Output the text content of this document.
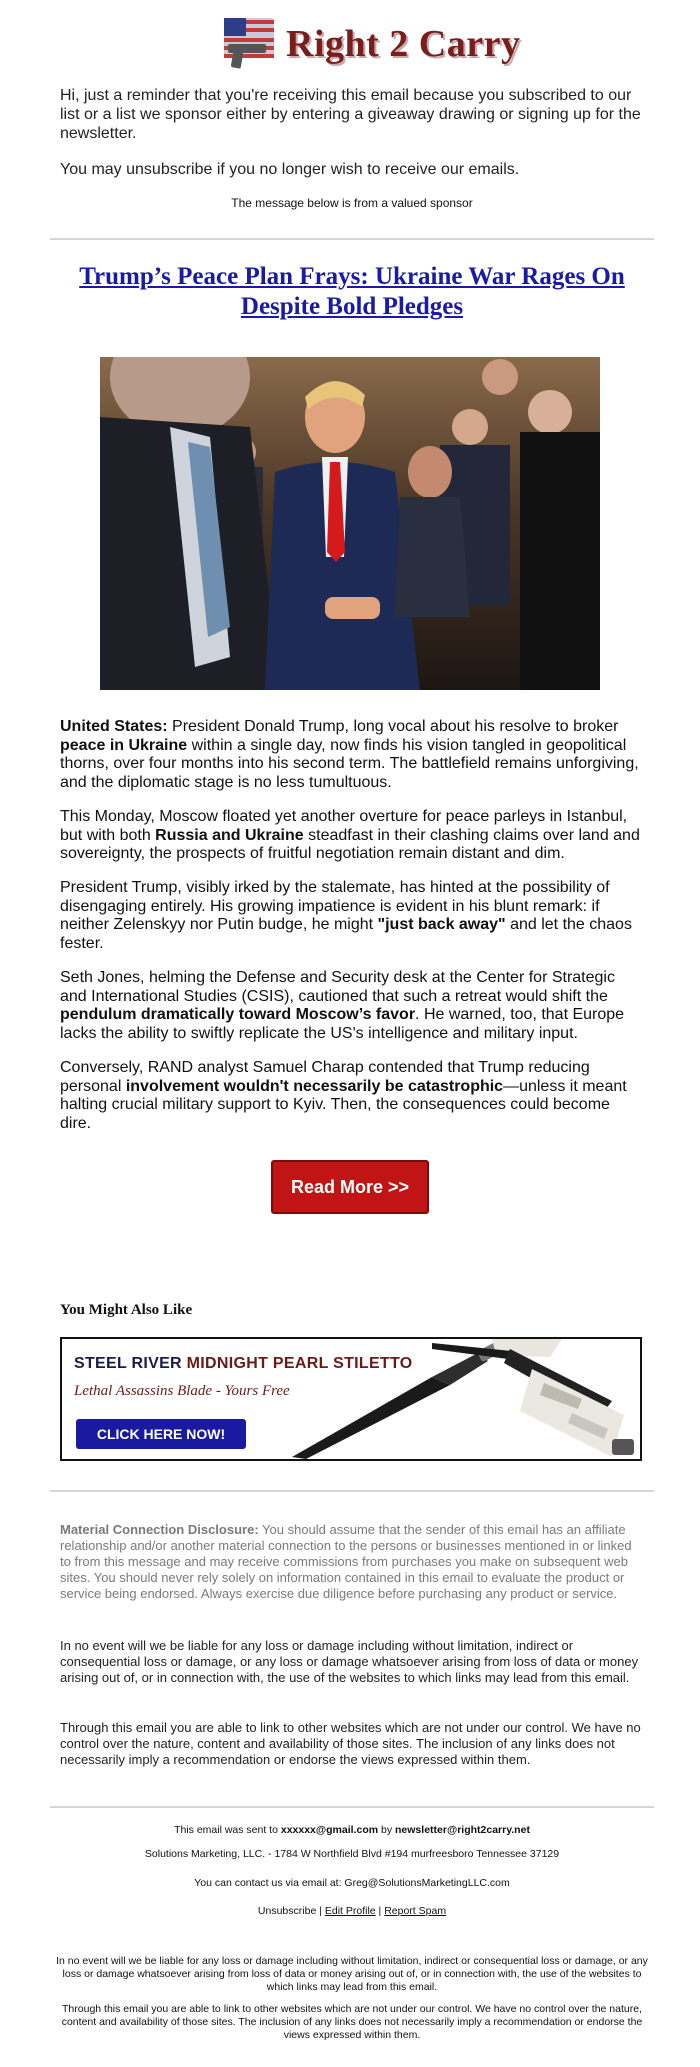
Right 2 Carry
Hi, just a reminder that you're receiving this email because you subscribed to our list or a list we sponsor either by entering a giveaway drawing or signing up for the newsletter.
You may unsubscribe if you no longer wish to receive our emails.
The message below is from a valued sponsor
Trump’s Peace Plan Frays: Ukraine War Rages On Despite Bold Pledges
United States: President Donald Trump, long vocal about his resolve to broker peace in Ukraine within a single day, now finds his vision tangled in geopolitical thorns, over four months into his second term. The battlefield remains unforgiving, and the diplomatic stage is no less tumultuous.
This Monday, Moscow floated yet another overture for peace parleys in Istanbul, but with both Russia and Ukraine steadfast in their clashing claims over land and sovereignty, the prospects of fruitful negotiation remain distant and dim.
President Trump, visibly irked by the stalemate, has hinted at the possibility of disengaging entirely. His growing impatience is evident in his blunt remark: if neither Zelenskyy nor Putin budge, he might "just back away" and let the chaos fester.
Seth Jones, helming the Defense and Security desk at the Center for Strategic and International Studies (CSIS), cautioned that such a retreat would shift the pendulum dramatically toward Moscow’s favor. He warned, too, that Europe lacks the ability to swiftly replicate the US's intelligence and military input.
Conversely, RAND analyst Samuel Charap contended that Trump reducing personal involvement wouldn't necessarily be catastrophic—unless it meant halting crucial military support to Kyiv. Then, the consequences could become dire.
Read More >>
You Might Also Like
STEEL RIVER MIDNIGHT PEARL STILETTO
Lethal Assassins Blade - Yours Free
CLICK HERE NOW!
Material Connection Disclosure: You should assume that the sender of this email has an affiliate relationship and/or another material connection to the persons or businesses mentioned in or linked to from this message and may receive commissions from purchases you make on subsequent web sites. You should never rely solely on information contained in this email to evaluate the product or service being endorsed. Always exercise due diligence before purchasing any product or service.
In no event will we be liable for any loss or damage including without limitation, indirect or consequential loss or damage, or any loss or damage whatsoever arising from loss of data or money arising out of, or in connection with, the use of the websites to which links may lead from this email.
Through this email you are able to link to other websites which are not under our control. We have no control over the nature, content and availability of those sites. The inclusion of any links does not necessarily imply a recommendation or endorse the views expressed within them.
This email was sent to xxxxxx@gmail.com by newsletter@right2carry.net
Solutions Marketing, LLC. - 1784 W Northfield Blvd #194 murfreesboro Tennessee 37129
You can contact us via email at: Greg@SolutionsMarketingLLC.com
Unsubscribe | Edit Profile | Report Spam
In no event will we be liable for any loss or damage including without limitation, indirect or consequential loss or damage, or any loss or damage whatsoever arising from loss of data or money arising out of, or in connection with, the use of the websites to which links may lead from this email.
Through this email you are able to link to other websites which are not under our control. We have no control over the nature, content and availability of those sites. The inclusion of any links does not necessarily imply a recommendation or endorse the views expressed within them.
